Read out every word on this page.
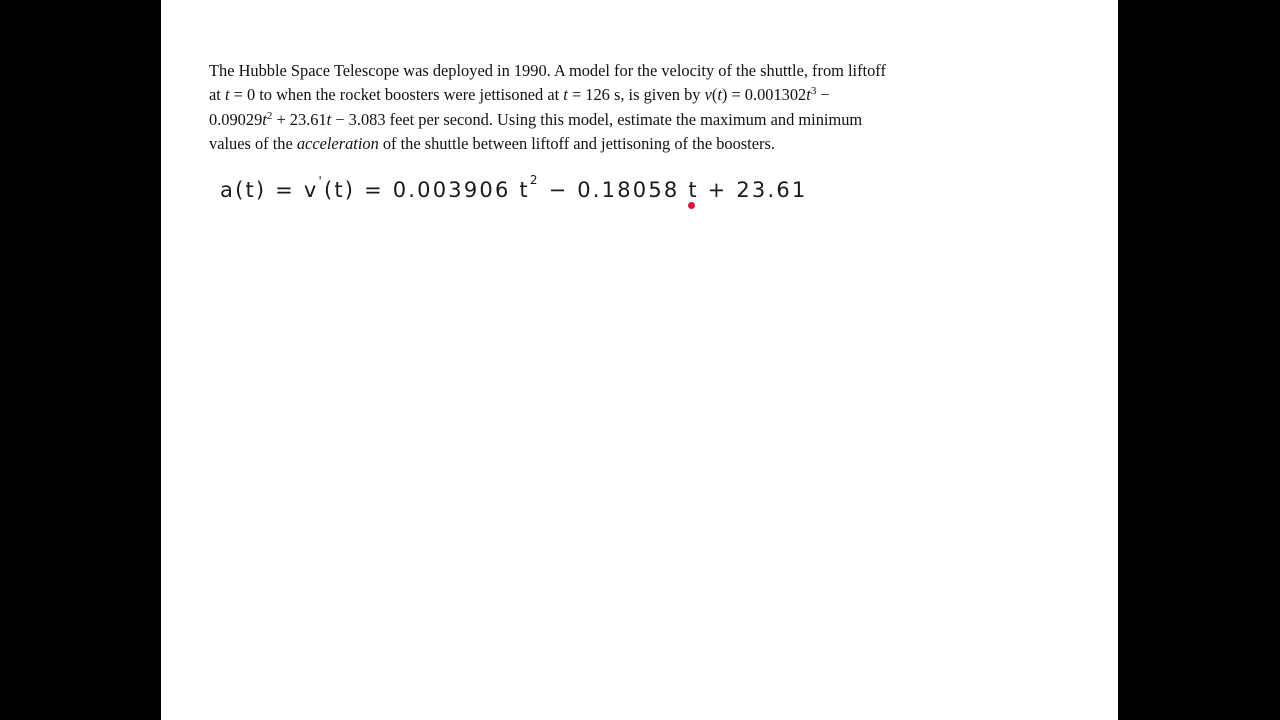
The Hubble Space Telescope was deployed in 1990. A model for the velocity of the shuttle, from liftoff
at t = 0 to when the rocket boosters were jettisoned at t = 126 s, is given by $v(t) = 0.001302t^3$ −
$0.09029t^2 + 23.61t - 3.083$ feet per second. Using this model, estimate the maximum and minimum
values of the acceleration of the shuttle between liftoff and jettisoning of the boosters.
a(t) = v'(t) = 0.003906 $t^2 - 0.18058$ t + 23.61
